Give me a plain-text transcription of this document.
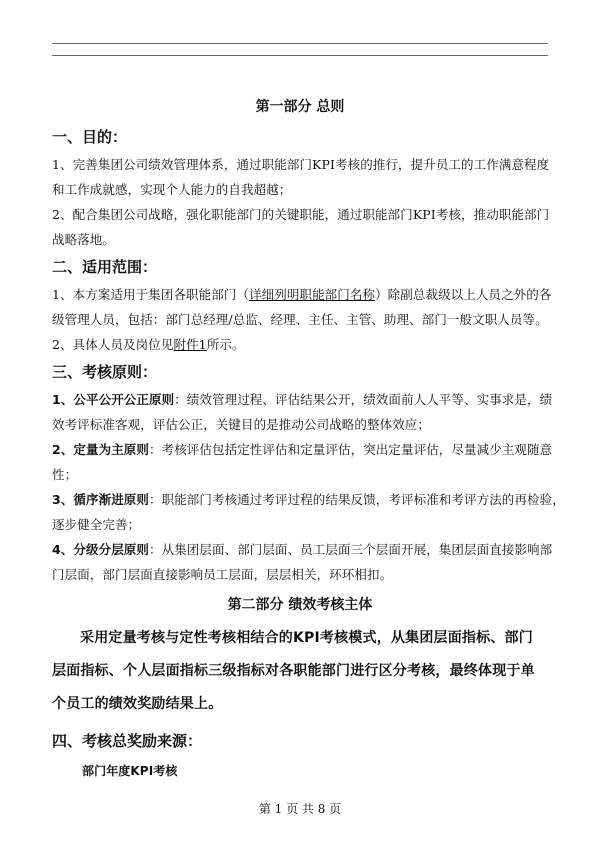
第一部分 总则
一、目的：
1、完善集团公司绩效管理体系，通过职能部门KPI考核的推行，提升员工的工作满意程度
和工作成就感，实现个人能力的自我超越；
2、配合集团公司战略，强化职能部门的关键职能，通过职能部门KPI考核，推动职能部门
战略落地。
二、适用范围：
1、本方案适用于集团各职能部门（详细列明职能部门名称）除副总裁级以上人员之外的各
级管理人员，包括：部门总经理/总监、经理、主任、主管、助理、部门一般文职人员等。
2、具体人员及岗位见附件1所示。
三、考核原则：
1、公平公开公正原则：绩效管理过程、评估结果公开，绩效面前人人平等、实事求是，绩
效考评标准客观，评估公正，关键目的是推动公司战略的整体效应；
2、定量为主原则：考核评估包括定性评估和定量评估，突出定量评估，尽量减少主观随意
性；
3、循序渐进原则：职能部门考核通过考评过程的结果反馈，考评标准和考评方法的再检验，
逐步健全完善；
4、分级分层原则：从集团层面、部门层面、员工层面三个层面开展，集团层面直接影响部
门层面，部门层面直接影响员工层面，层层相关，环环相扣。
第二部分 绩效考核主体
采用定量考核与定性考核相结合的KPI考核模式，从集团层面指标、部门
层面指标、个人层面指标三级指标对各职能部门进行区分考核，最终体现于单
个员工的绩效奖励结果上。
四、考核总奖励来源：
部门年度KPI考核
第 1 页 共 8 页
